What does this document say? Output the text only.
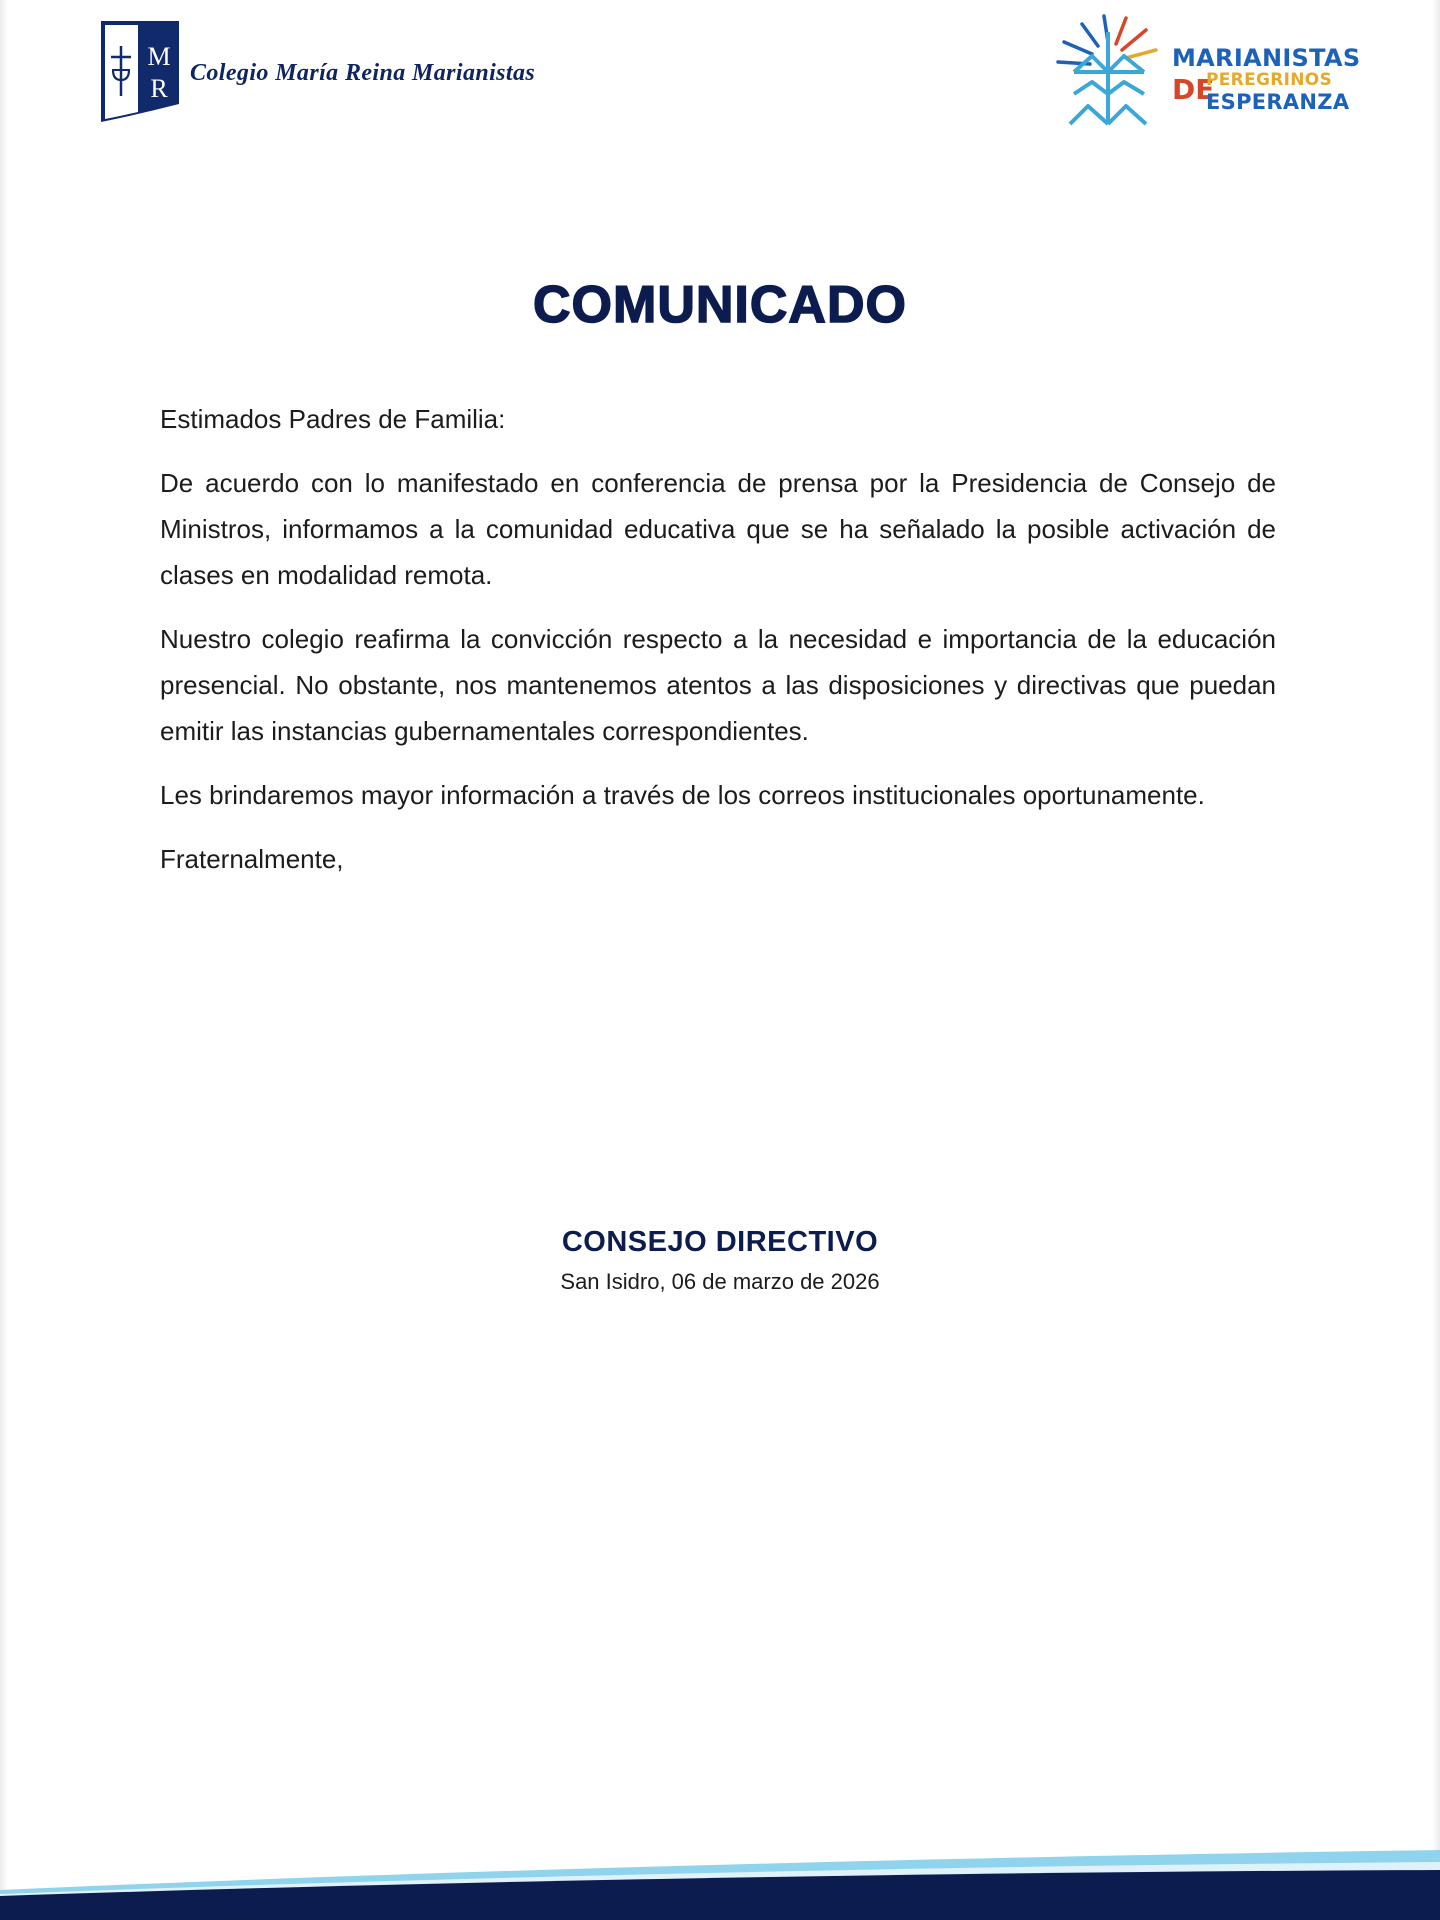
M
R
Colegio María Reina Marianistas
MARIANISTAS
DE
PEREGRINOS
ESPERANZA
COMUNICADO

Estimados Padres de Familia:

De acuerdo con lo manifestado en conferencia de prensa por la Presidencia de Consejo de Ministros, informamos a la comunidad educativa que se ha señalado la posible activación de clases en modalidad remota.

Nuestro colegio reafirma la convicción respecto a la necesidad e importancia de la educación presencial. No obstante, nos mantenemos atentos a las disposiciones y directivas que puedan emitir las instancias gubernamentales correspondientes.

Les brindaremos mayor información a través de los correos institucionales oportunamente.

Fraternalmente,

CONSEJO DIRECTIVO
San Isidro, 06 de marzo de 2026
